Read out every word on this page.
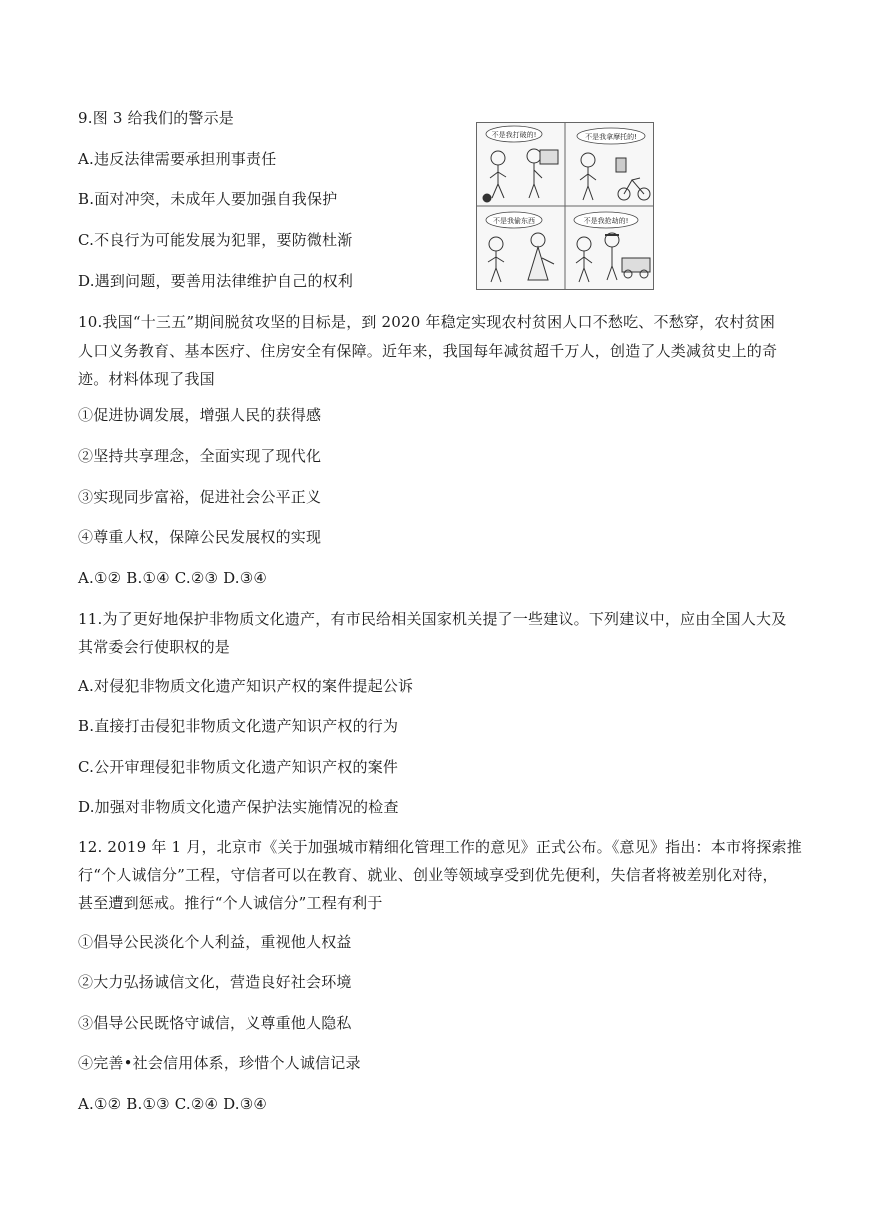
9.图 3 给我们的警示是
A.违反法律需要承担刑事责任
B.面对冲突，未成年人要加强自我保护
C.不良行为可能发展为犯罪，要防微杜渐
D.遇到问题，要善用法律维护自己的权利
不是我打破的!	不是我拿摩托的!
不是我偷东西	不是我抢劫的!
10.我国“十三五”期间脱贫攻坚的目标是，到 2020 年稳定实现农村贫困人口不愁吃、不愁穿，农村贫困
人口义务教育、基本医疗、住房安全有保障。近年来，我国每年减贫超千万人，创造了人类减贫史上的奇
迹。材料体现了我国
①促进协调发展，增强人民的获得感
②坚持共享理念，全面实现了现代化
③实现同步富裕，促进社会公平正义
④尊重人权，保障公民发展权的实现
A.①② B.①④ C.②③ D.③④
11.为了更好地保护非物质文化遗产，有市民给相关国家机关提了一些建议。下列建议中，应由全国人大及
其常委会行使职权的是
A.对侵犯非物质文化遗产知识产权的案件提起公诉
B.直接打击侵犯非物质文化遗产知识产权的行为
C.公开审理侵犯非物质文化遗产知识产权的案件
D.加强对非物质文化遗产保护法实施情况的检查
12. 2019 年 1 月，北京市《关于加强城市精细化管理工作的意见》正式公布。《意见》指出：本市将探索推
行“个人诚信分”工程，守信者可以在教育、就业、创业等领域享受到优先便利，失信者将被差别化对待，
甚至遭到惩戒。推行“个人诚信分”工程有利于
①倡导公民淡化个人利益，重视他人权益
②大力弘扬诚信文化，营造良好社会环境
③倡导公民既恪守诚信，义尊重他人隐私
④完善•社会信用体系，珍惜个人诚信记录
A.①② B.①③ C.②④ D.③④
